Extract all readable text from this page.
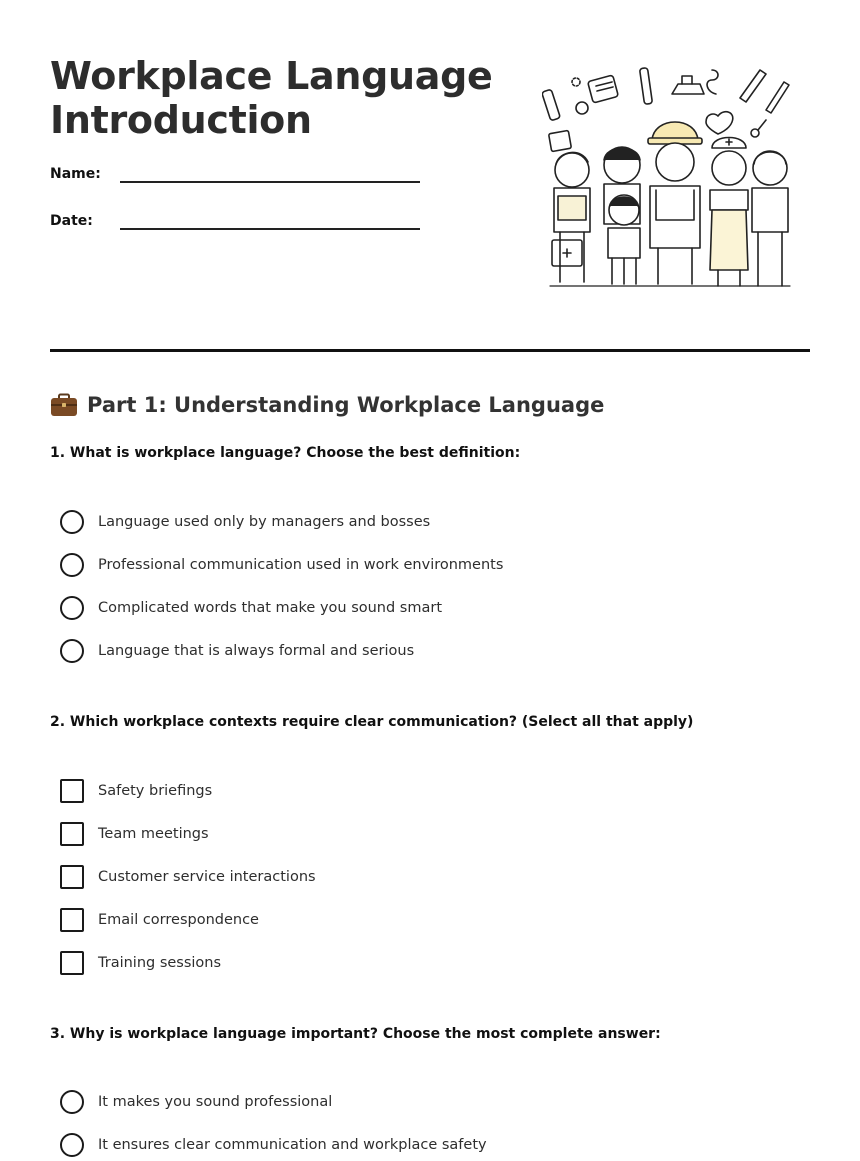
Workplace Language
Introduction
Name:
Date:
Part 1: Understanding Workplace Language
1. What is workplace language? Choose the best definition:
Language used only by managers and bosses
Professional communication used in work environments
Complicated words that make you sound smart
Language that is always formal and serious
2. Which workplace contexts require clear communication? (Select all that apply)
Safety briefings
Team meetings
Customer service interactions
Email correspondence
Training sessions
3. Why is workplace language important? Choose the most complete answer:
It makes you sound professional
It ensures clear communication and workplace safety
